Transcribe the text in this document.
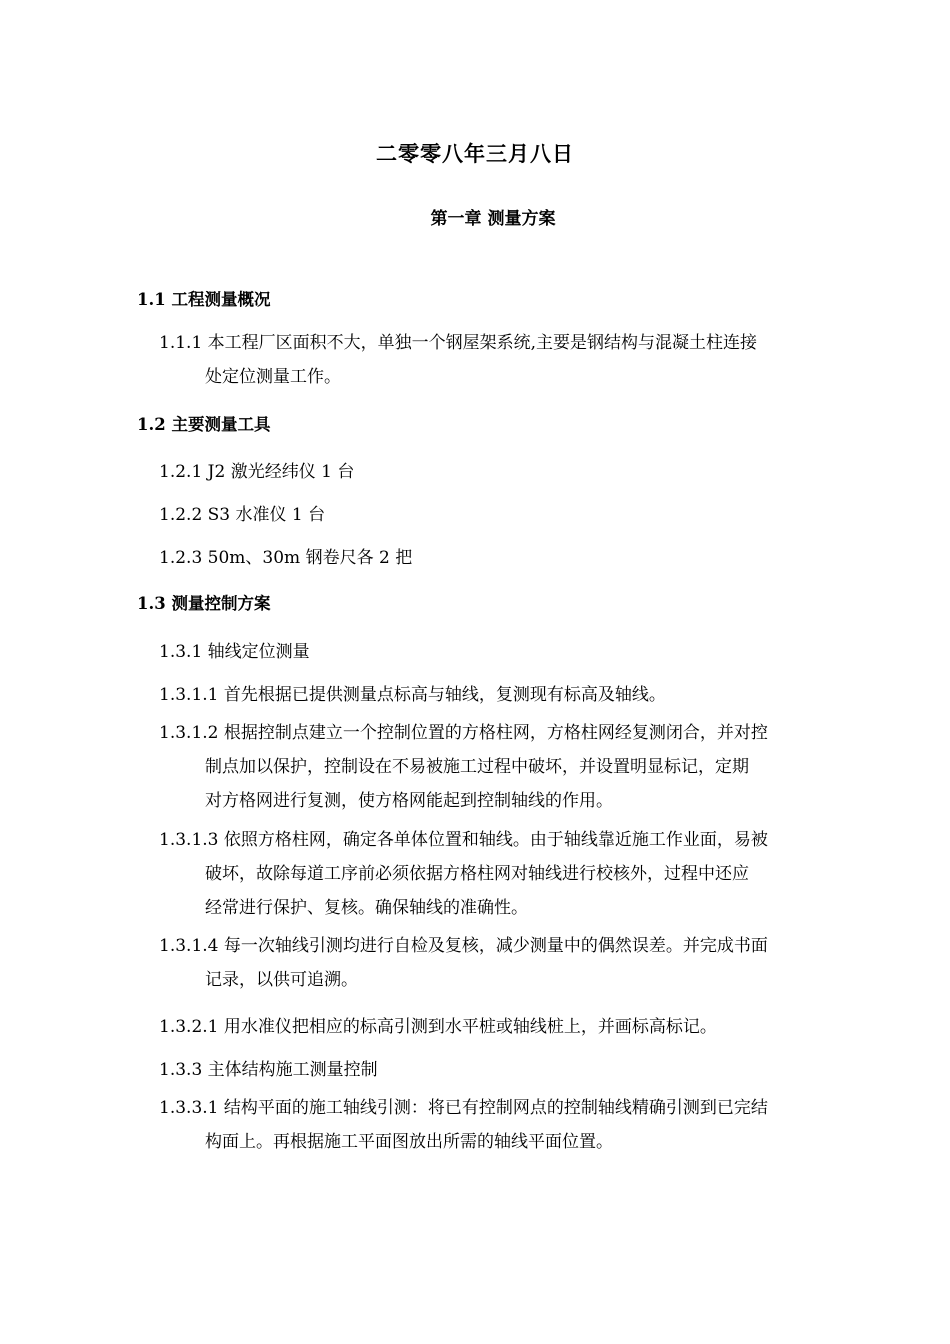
二零零八年三月八日
第一章 测量方案
1.1 工程测量概况
1.1.1 本工程厂区面积不大，单独一个钢屋架系统,主要是钢结构与混凝土柱连接
处定位测量工作。
1.2 主要测量工具
1.2.1 J2 激光经纬仪 1 台
1.2.2 S3 水准仪 1 台
1.2.3 50m、30m 钢卷尺各 2 把
1.3 测量控制方案
1.3.1 轴线定位测量
1.3.1.1 首先根据已提供测量点标高与轴线，复测现有标高及轴线。
1.3.1.2 根据控制点建立一个控制位置的方格柱网，方格柱网经复测闭合，并对控
制点加以保护，控制设在不易被施工过程中破坏，并设置明显标记，定期
对方格网进行复测，使方格网能起到控制轴线的作用。
1.3.1.3 依照方格柱网，确定各单体位置和轴线。由于轴线靠近施工作业面，易被
破坏，故除每道工序前必须依据方格柱网对轴线进行校核外，过程中还应
经常进行保护、复核。确保轴线的准确性。
1.3.1.4 每一次轴线引测均进行自检及复核，减少测量中的偶然误差。并完成书面
记录，以供可追溯。
1.3.2.1 用水准仪把相应的标高引测到水平桩或轴线桩上，并画标高标记。
1.3.3 主体结构施工测量控制
1.3.3.1 结构平面的施工轴线引测：将已有控制网点的控制轴线精确引测到已完结
构面上。再根据施工平面图放出所需的轴线平面位置。
